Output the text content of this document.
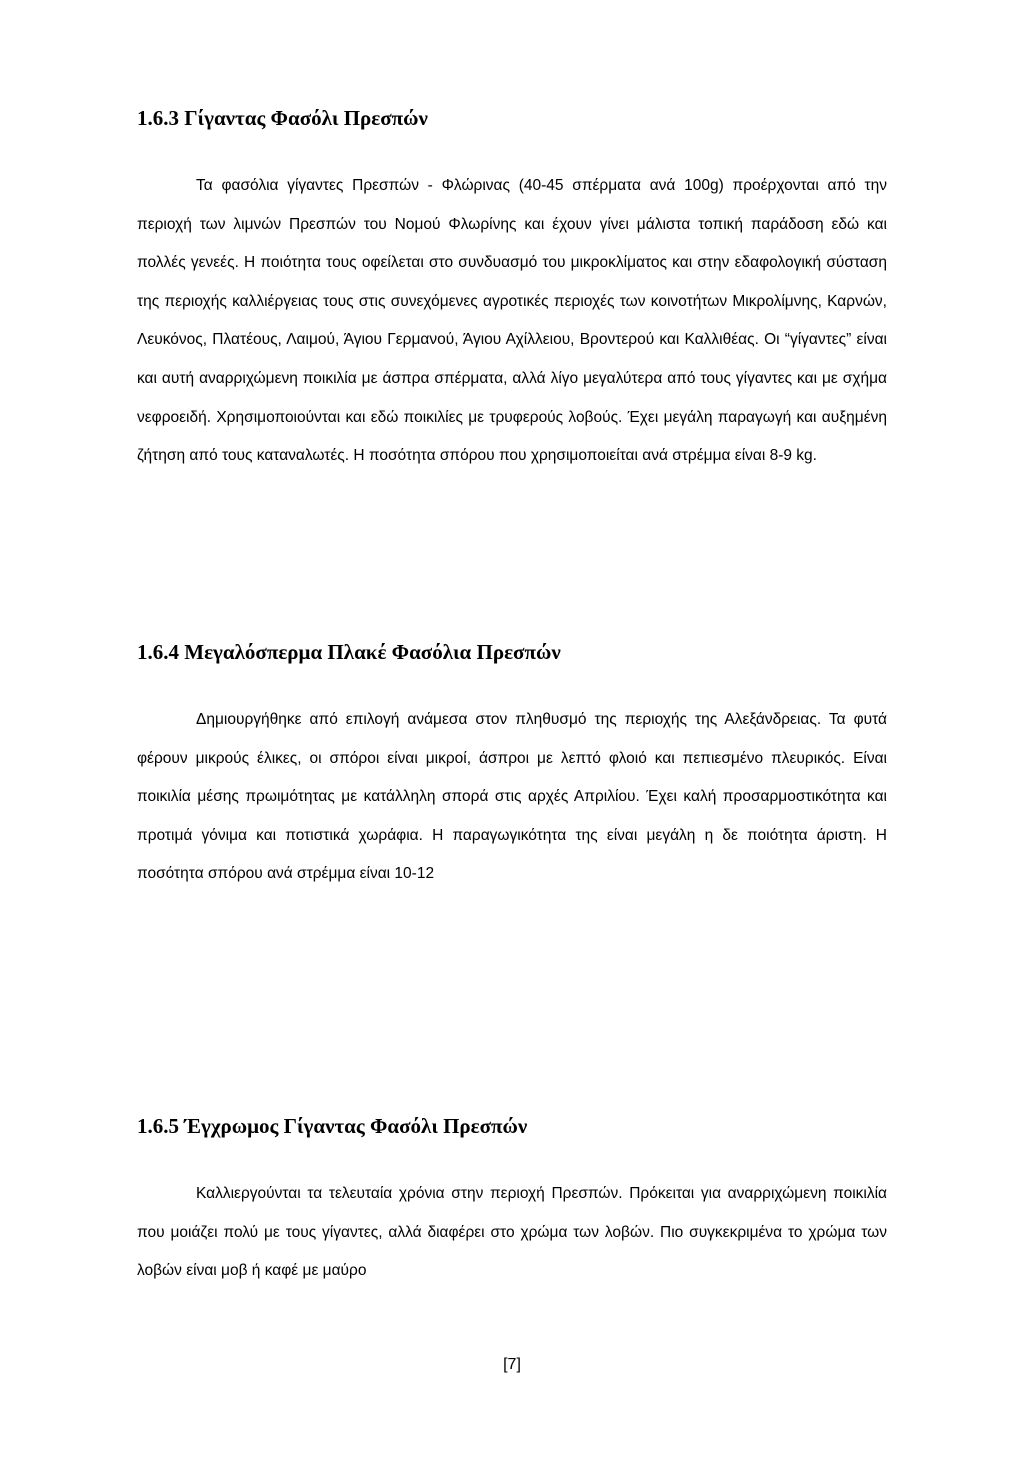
1.6.3 Γίγαντας Φασόλι Πρεσπών

Τα φασόλια γίγαντες Πρεσπών - Φλώρινας (40-45 σπέρματα ανά 100g) προέρχονται από την περιοχή των λιμνών Πρεσπών του Νομού Φλωρίνης και έχουν γίνει μάλιστα τοπική παράδοση εδώ και πολλές γενεές. Η ποιότητα τους οφείλεται στο συνδυασμό του μικροκλίματος και στην εδαφολογική σύσταση της περιοχής καλλιέργειας τους στις συνεχόμενες αγροτικές περιοχές των κοινοτήτων Μικρολίμνης, Καρνών, Λευκόνος, Πλατέους, Λαιμού, Άγιου Γερμανού, Άγιου Αχίλλειου, Βροντερού και Καλλιθέας. Οι “γίγαντες” είναι και αυτή αναρριχώμενη ποικιλία με άσπρα σπέρματα, αλλά λίγο μεγαλύτερα από τους γίγαντες και με σχήμα νεφροειδή. Χρησιμοποιούνται και εδώ ποικιλίες με τρυφερούς λοβούς. Έχει μεγάλη παραγωγή και αυξημένη ζήτηση από τους καταναλωτές. Η ποσότητα σπόρου που χρησιμοποιείται ανά στρέμμα είναι 8-9 kg.

1.6.4 Μεγαλόσπερμα Πλακέ Φασόλια Πρεσπών

Δημιουργήθηκε από επιλογή ανάμεσα στον πληθυσμό της περιοχής της Αλεξάνδρειας. Τα φυτά φέρουν μικρούς έλικες, οι σπόροι είναι μικροί, άσπροι με λεπτό φλοιό και πεπιεσμένο πλευρικός. Είναι ποικιλία μέσης πρωιμότητας με κατάλληλη σπορά στις αρχές Απριλίου. Έχει καλή προσαρμοστικότητα και προτιμά γόνιμα και ποτιστικά χωράφια. Η παραγωγικότητα της είναι μεγάλη η δε ποιότητα άριστη. Η ποσότητα σπόρου ανά στρέμμα είναι 10-12

1.6.5 Έγχρωμος Γίγαντας Φασόλι Πρεσπών

Καλλιεργούνται τα τελευταία χρόνια στην περιοχή Πρεσπών. Πρόκειται για αναρριχώμενη ποικιλία που μοιάζει πολύ με τους γίγαντες, αλλά διαφέρει στο χρώμα των λοβών. Πιο συγκεκριμένα το χρώμα των λοβών είναι μοβ ή καφέ με μαύρο

[7]
